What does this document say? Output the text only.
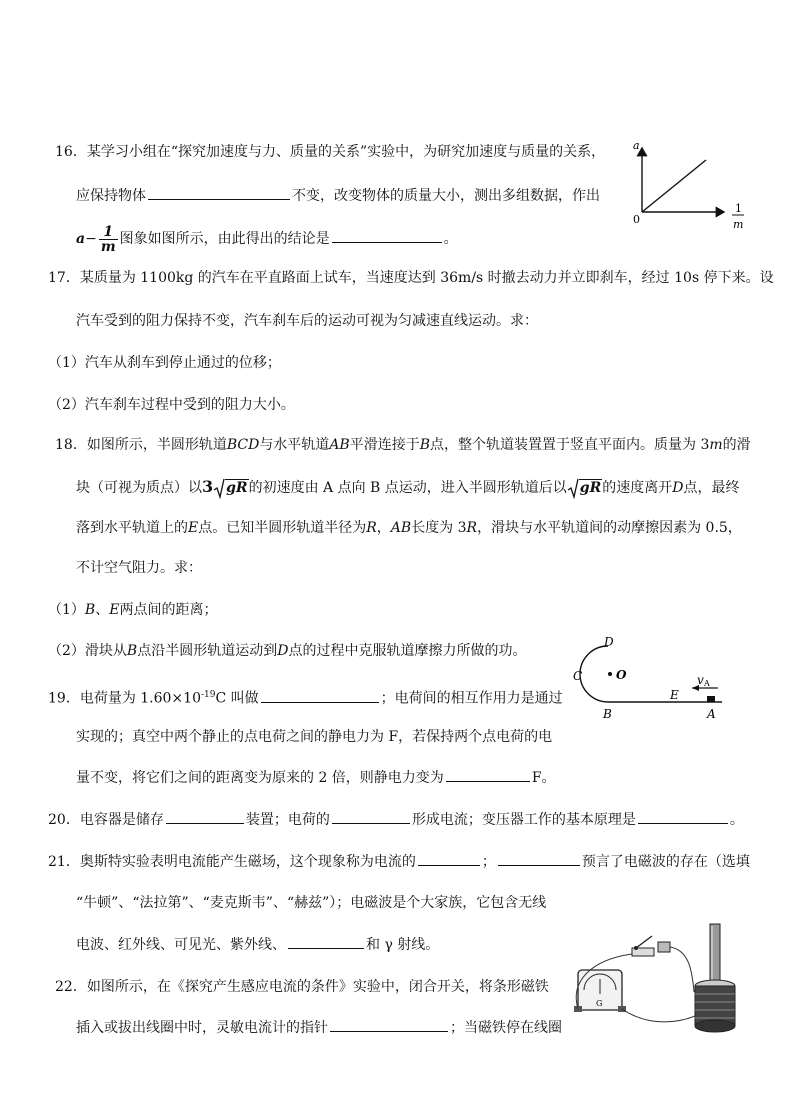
16．某学习小组在“探究加速度与力、质量的关系”实验中，为研究加速度与质量的关系，
应保持物体	不变，改变物体的质量大小，测出多组数据，作出
$a- \frac{1}{m}$ 图象如图所示，由此得出的结论是	。
a
0
1
m
17．某质量为 1100kg 的汽车在平直路面上试车，当速度达到 36m/s 时撤去动力并立即刹车，经过 10s 停下来。设
汽车受到的阻力保持不变，汽车刹车后的运动可视为匀减速直线运动。求：
（1）汽车从刹车到停止通过的位移；
（2）汽车刹车过程中受到的阻力大小。
18．如图所示，半圆形轨道BCD与水平轨道AB平滑连接于B点，整个轨道装置置于竖直平面内。质量为 3m的滑
块（可视为质点）以3 gR的初速度由 A 点向 B 点运动，进入半圆形轨道后以 gR的速度离开D点，最终
落到水平轨道上的E点。已知半圆形轨道半径为R，AB长度为 3R，滑块与水平轨道间的动摩擦因素为 0.5，
不计空气阻力。求：
（1）B、E两点间的距离；
（2）滑块从B点沿半圆形轨道运动到D点的过程中克服轨道摩擦力所做的功。
D
C	O
B
E
A
v A
19．电荷量为 $1.60\times 10^{-19}C$ 叫做	；电荷间的相互作用力是通过
实现的；真空中两个静止的点电荷之间的静电力为 F，若保持两个点电荷的电
量不变，将它们之间的距离变为原来的 2 倍，则静电力变为	F。
20．电容器是储存	装置；电荷的	形成电流；变压器工作的基本原理是	。
21．奥斯特实验表明电流能产生磁场，这个现象称为电流的	；	预言了电磁波的存在（选填
“牛顿”、“法拉第”、“麦克斯韦”、“赫兹”）；电磁波是个大家族，它包含无线
电波、红外线、可见光、紫外线、	和 γ 射线。
22．如图所示，在《探究产生感应电流的条件》实验中，闭合开关，将条形磁铁
插入或拔出线圈中时，灵敏电流计的指针	；当磁铁停在线圈
G
